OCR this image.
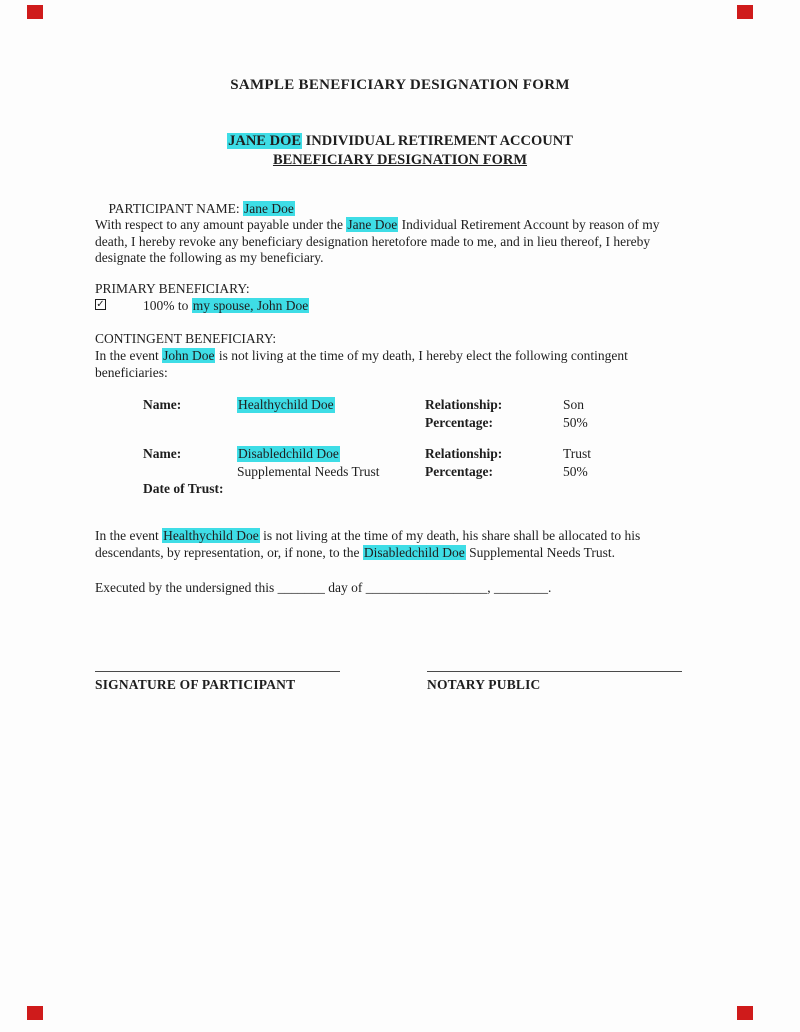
SAMPLE BENEFICIARY DESIGNATION FORM
JANE DOE INDIVIDUAL RETIREMENT ACCOUNT
BENEFICIARY DESIGNATION FORM

PARTICIPANT NAME: Jane Doe

With respect to any amount payable under the Jane Doe Individual Retirement Account by reason of my
death, I hereby revoke any beneficiary designation heretofore made to me, and in lieu thereof, I hereby
designate the following as my beneficiary.
PRIMARY BENEFICIARY:
✓	100% to my spouse, John Doe
CONTINGENT BENEFICIARY:
In the event John Doe is not living at the time of my death, I hereby elect the following contingent
beneficiaries:
Name:	Healthychild Doe	Relationship:	Son
Percentage:	50%
Name:	Disabledchild Doe	Relationship:	Trust
Supplemental Needs Trust	Percentage:	50%
Date of Trust:
In the event Healthychild Doe is not living at the time of my death, his share shall be allocated to his
descendants, by representation, or, if none, to the Disabledchild Doe Supplemental Needs Trust.
Executed by the undersigned this _______ day of __________________, ________.
SIGNATURE OF PARTICIPANT	NOTARY PUBLIC
